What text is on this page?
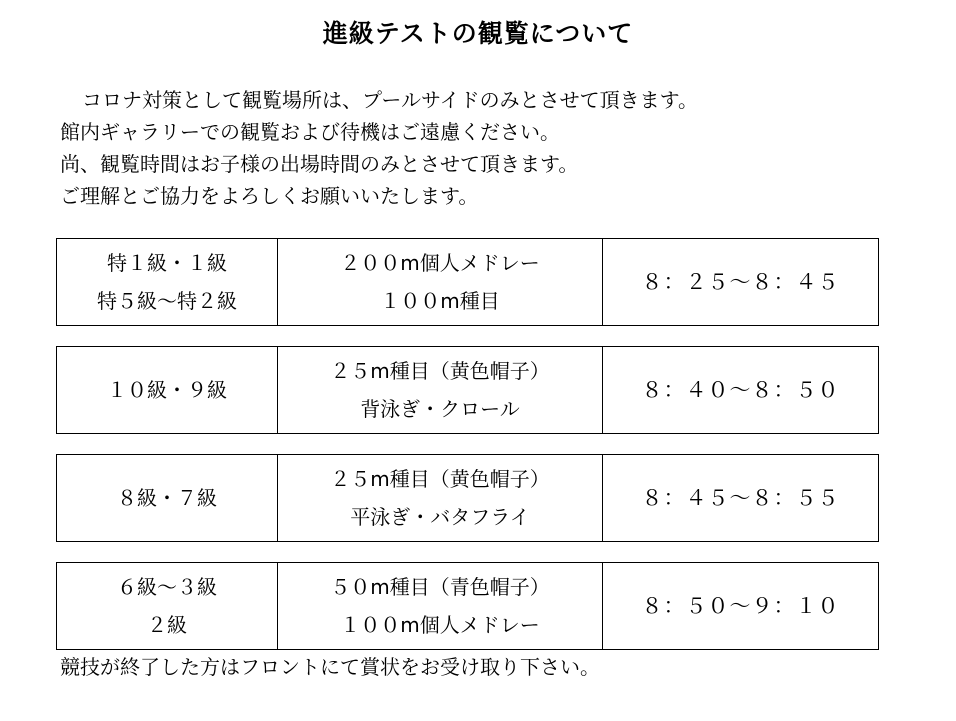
進級テストの観覧について
コロナ対策として観覧場所は、プールサイドのみとさせて頂きます。
館内ギャラリーでの観覧および待機はご遠慮ください。
尚、観覧時間はお子様の出場時間のみとさせて頂きます。
ご理解とご協力をよろしくお願いいたします。
特１級・１級
特５級～特２級
２００m個人メドレー
１００m種目
８：２５～８：４５
１０級・９級
２５m種目（黄色帽子）
背泳ぎ・クロール
８：４０～８：５０
８級・７級
２５m種目（黄色帽子）
平泳ぎ・バタフライ
８：４５～８：５５
６級～３級
２級
５０m種目（青色帽子）
１００m個人メドレー
８：５０～９：１０
競技が終了した方はフロントにて賞状をお受け取り下さい。
